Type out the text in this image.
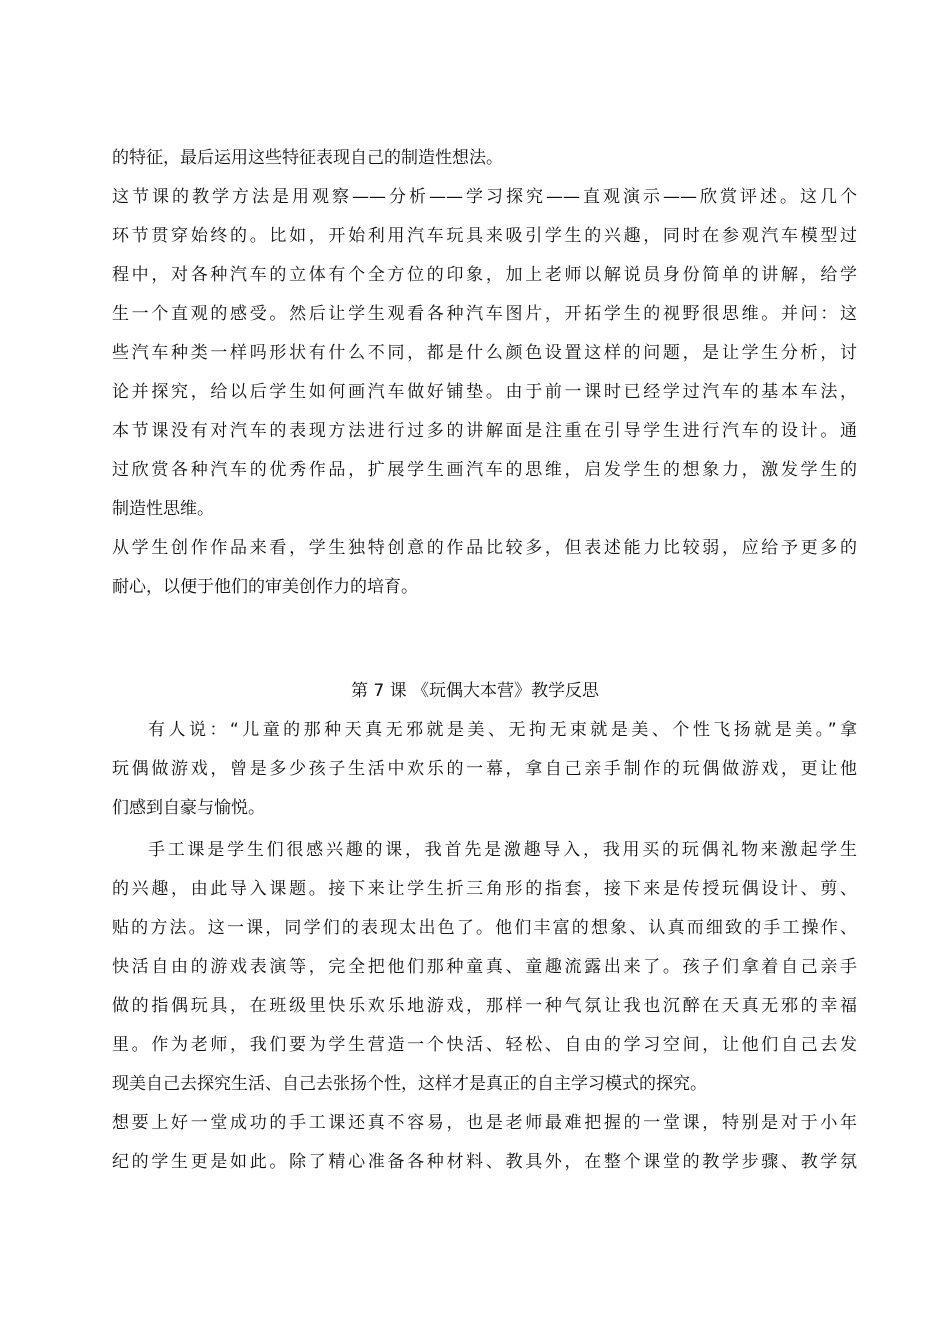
的特征，最后运用这些特征表现自己的制造性想法。
这节课的教学方法是用观察——分析——学习探究——直观演示——欣赏评述。这几个
环节贯穿始终的。比如，开始利用汽车玩具来吸引学生的兴趣，同时在参观汽车模型过
程中，对各种汽车的立体有个全方位的印象，加上老师以解说员身份简单的讲解，给学
生一个直观的感受。然后让学生观看各种汽车图片，开拓学生的视野很思维。并问：这
些汽车种类一样吗形状有什么不同，都是什么颜色设置这样的问题，是让学生分析，讨
论并探究，给以后学生如何画汽车做好铺垫。由于前一课时已经学过汽车的基本车法，
本节课没有对汽车的表现方法进行过多的讲解面是注重在引导学生进行汽车的设计。通
过欣赏各种汽车的优秀作品，扩展学生画汽车的思维，启发学生的想象力，激发学生的
制造性思维。
从学生创作作品来看，学生独特创意的作品比较多，但表述能力比较弱，应给予更多的
耐心，以便于他们的审美创作力的培育。
第 7 课 《玩偶大本营》教学反思
有人说：“儿童的那种天真无邪就是美、无拘无束就是美、个性飞扬就是美。”拿
玩偶做游戏，曾是多少孩子生活中欢乐的一幕，拿自己亲手制作的玩偶做游戏，更让他
们感到自豪与愉悦。
手工课是学生们很感兴趣的课，我首先是激趣导入，我用买的玩偶礼物来激起学生
的兴趣，由此导入课题。接下来让学生折三角形的指套，接下来是传授玩偶设计、剪、
贴的方法。这一课，同学们的表现太出色了。他们丰富的想象、认真而细致的手工操作、
快活自由的游戏表演等，完全把他们那种童真、童趣流露出来了。孩子们拿着自己亲手
做的指偶玩具，在班级里快乐欢乐地游戏，那样一种气氛让我也沉醉在天真无邪的幸福
里。作为老师，我们要为学生营造一个快活、轻松、自由的学习空间，让他们自己去发
现美自己去探究生活、自己去张扬个性，这样才是真正的自主学习模式的探究。
想要上好一堂成功的手工课还真不容易，也是老师最难把握的一堂课，特别是对于小年
纪的学生更是如此。除了精心准备各种材料、教具外，在整个课堂的教学步骤、教学氛
